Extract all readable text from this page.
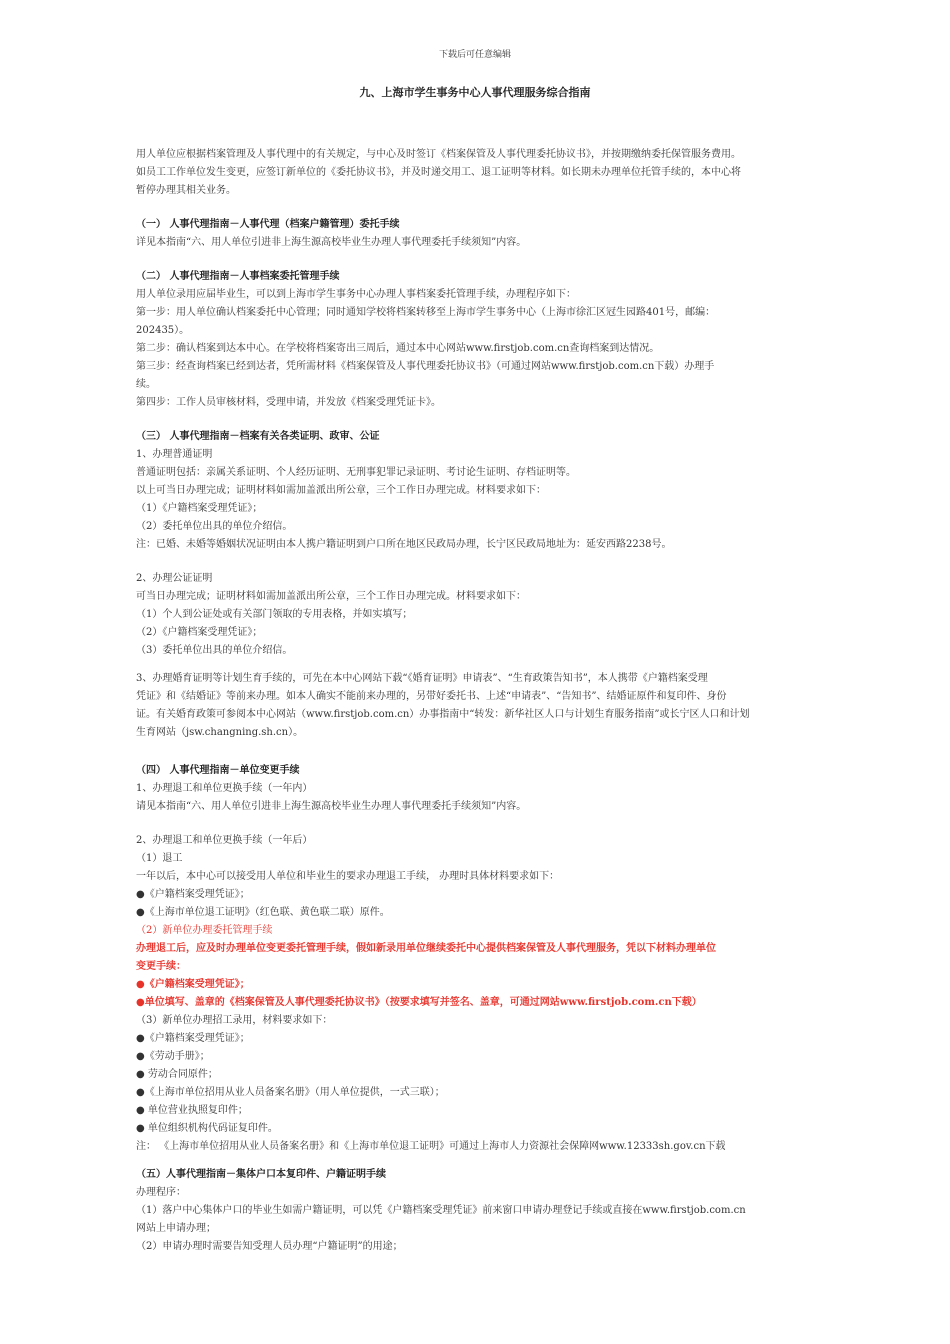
下载后可任意编辑
九、上海市学生事务中心人事代理服务综合指南
用人单位应根据档案管理及人事代理中的有关规定，与中心及时签订《档案保管及人事代理委托协议书》，并按期缴纳委托保管服务费用。
如员工工作单位发生变更，应签订新单位的《委托协议书》，并及时递交用工、退工证明等材料。如长期未办理单位托管手续的，本中心将
暂停办理其相关业务。
（一） 人事代理指南－人事代理（档案户籍管理）委托手续
详见本指南“六、用人单位引进非上海生源高校毕业生办理人事代理委托手续须知”内容。
（二） 人事代理指南－人事档案委托管理手续
用人单位录用应届毕业生，可以到上海市学生事务中心办理人事档案委托管理手续，办理程序如下：
第一步：用人单位确认档案委托中心管理；同时通知学校将档案转移至上海市学生事务中心（上海市徐汇区冠生园路401号，邮编：
202435）。
第二步：确认档案到达本中心。在学校将档案寄出三周后，通过本中心网站www.firstjob.com.cn查询档案到达情况。
第三步：经查询档案已经到达者，凭所需材料《档案保管及人事代理委托协议书》（可通过网站www.firstjob.com.cn下载）办理手
续。
第四步：工作人员审核材料，受理申请，并发放《档案受理凭证卡》。
（三） 人事代理指南－档案有关各类证明、政审、公证
1、办理普通证明
普通证明包括：亲属关系证明、个人经历证明、无刑事犯罪记录证明、考讨论生证明、存档证明等。
以上可当日办理完成；证明材料如需加盖派出所公章，三个工作日办理完成。材料要求如下：
（1）《户籍档案受理凭证》；
（2）委托单位出具的单位介绍信。
注：已婚、未婚等婚姻状况证明由本人携户籍证明到户口所在地区民政局办理，长宁区民政局地址为：延安西路2238号。
2、办理公证证明
可当日办理完成；证明材料如需加盖派出所公章，三个工作日办理完成。材料要求如下：
（1）个人到公证处或有关部门领取的专用表格，并如实填写；
（2）《户籍档案受理凭证》；
（3）委托单位出具的单位介绍信。
3、办理婚育证明等计划生育手续的，可先在本中心网站下载“《婚育证明》申请表”、“生育政策告知书”，本人携带《户籍档案受理
凭证》和《结婚证》等前来办理。如本人确实不能前来办理的，另带好委托书、上述“申请表”、“告知书”、结婚证原件和复印件、身份
证。有关婚育政策可参阅本中心网站（www.firstjob.com.cn）办事指南中“转发：新华社区人口与计划生育服务指南”或长宁区人口和计划
生育网站（jsw.changning.sh.cn）。
（四） 人事代理指南－单位变更手续
1、办理退工和单位更换手续（一年内）
请见本指南“六、用人单位引进非上海生源高校毕业生办理人事代理委托手续须知”内容。
2、办理退工和单位更换手续（一年后）
（1）退工
一年以后，本中心可以接受用人单位和毕业生的要求办理退工手续， 办理时具体材料要求如下：
●《户籍档案受理凭证》；
●《上海市单位退工证明》（红色联、黄色联二联）原件。
（2）新单位办理委托管理手续
办理退工后，应及时办理单位变更委托管理手续，假如新录用单位继续委托中心提供档案保管及人事代理服务，凭以下材料办理单位
变更手续：
●《户籍档案受理凭证》；
●单位填写、盖章的《档案保管及人事代理委托协议书》（按要求填写并签名、盖章，可通过网站www.firstjob.com.cn下载）
（3）新单位办理招工录用，材料要求如下：
●《户籍档案受理凭证》；
●《劳动手册》；
● 劳动合同原件；
●《上海市单位招用从业人员备案名册》（用人单位提供，一式三联）；
● 单位营业执照复印件；
● 单位组织机构代码证复印件。
注： 《上海市单位招用从业人员备案名册》和《上海市单位退工证明》可通过上海市人力资源社会保障网www.12333sh.gov.cn下载
（五）人事代理指南－集体户口本复印件、户籍证明手续
办理程序：
（1）落户中心集体户口的毕业生如需户籍证明，可以凭《户籍档案受理凭证》前来窗口申请办理登记手续或直接在www.firstjob.com.cn
网站上申请办理；
（2）申请办理时需要告知受理人员办理“户籍证明”的用途；
